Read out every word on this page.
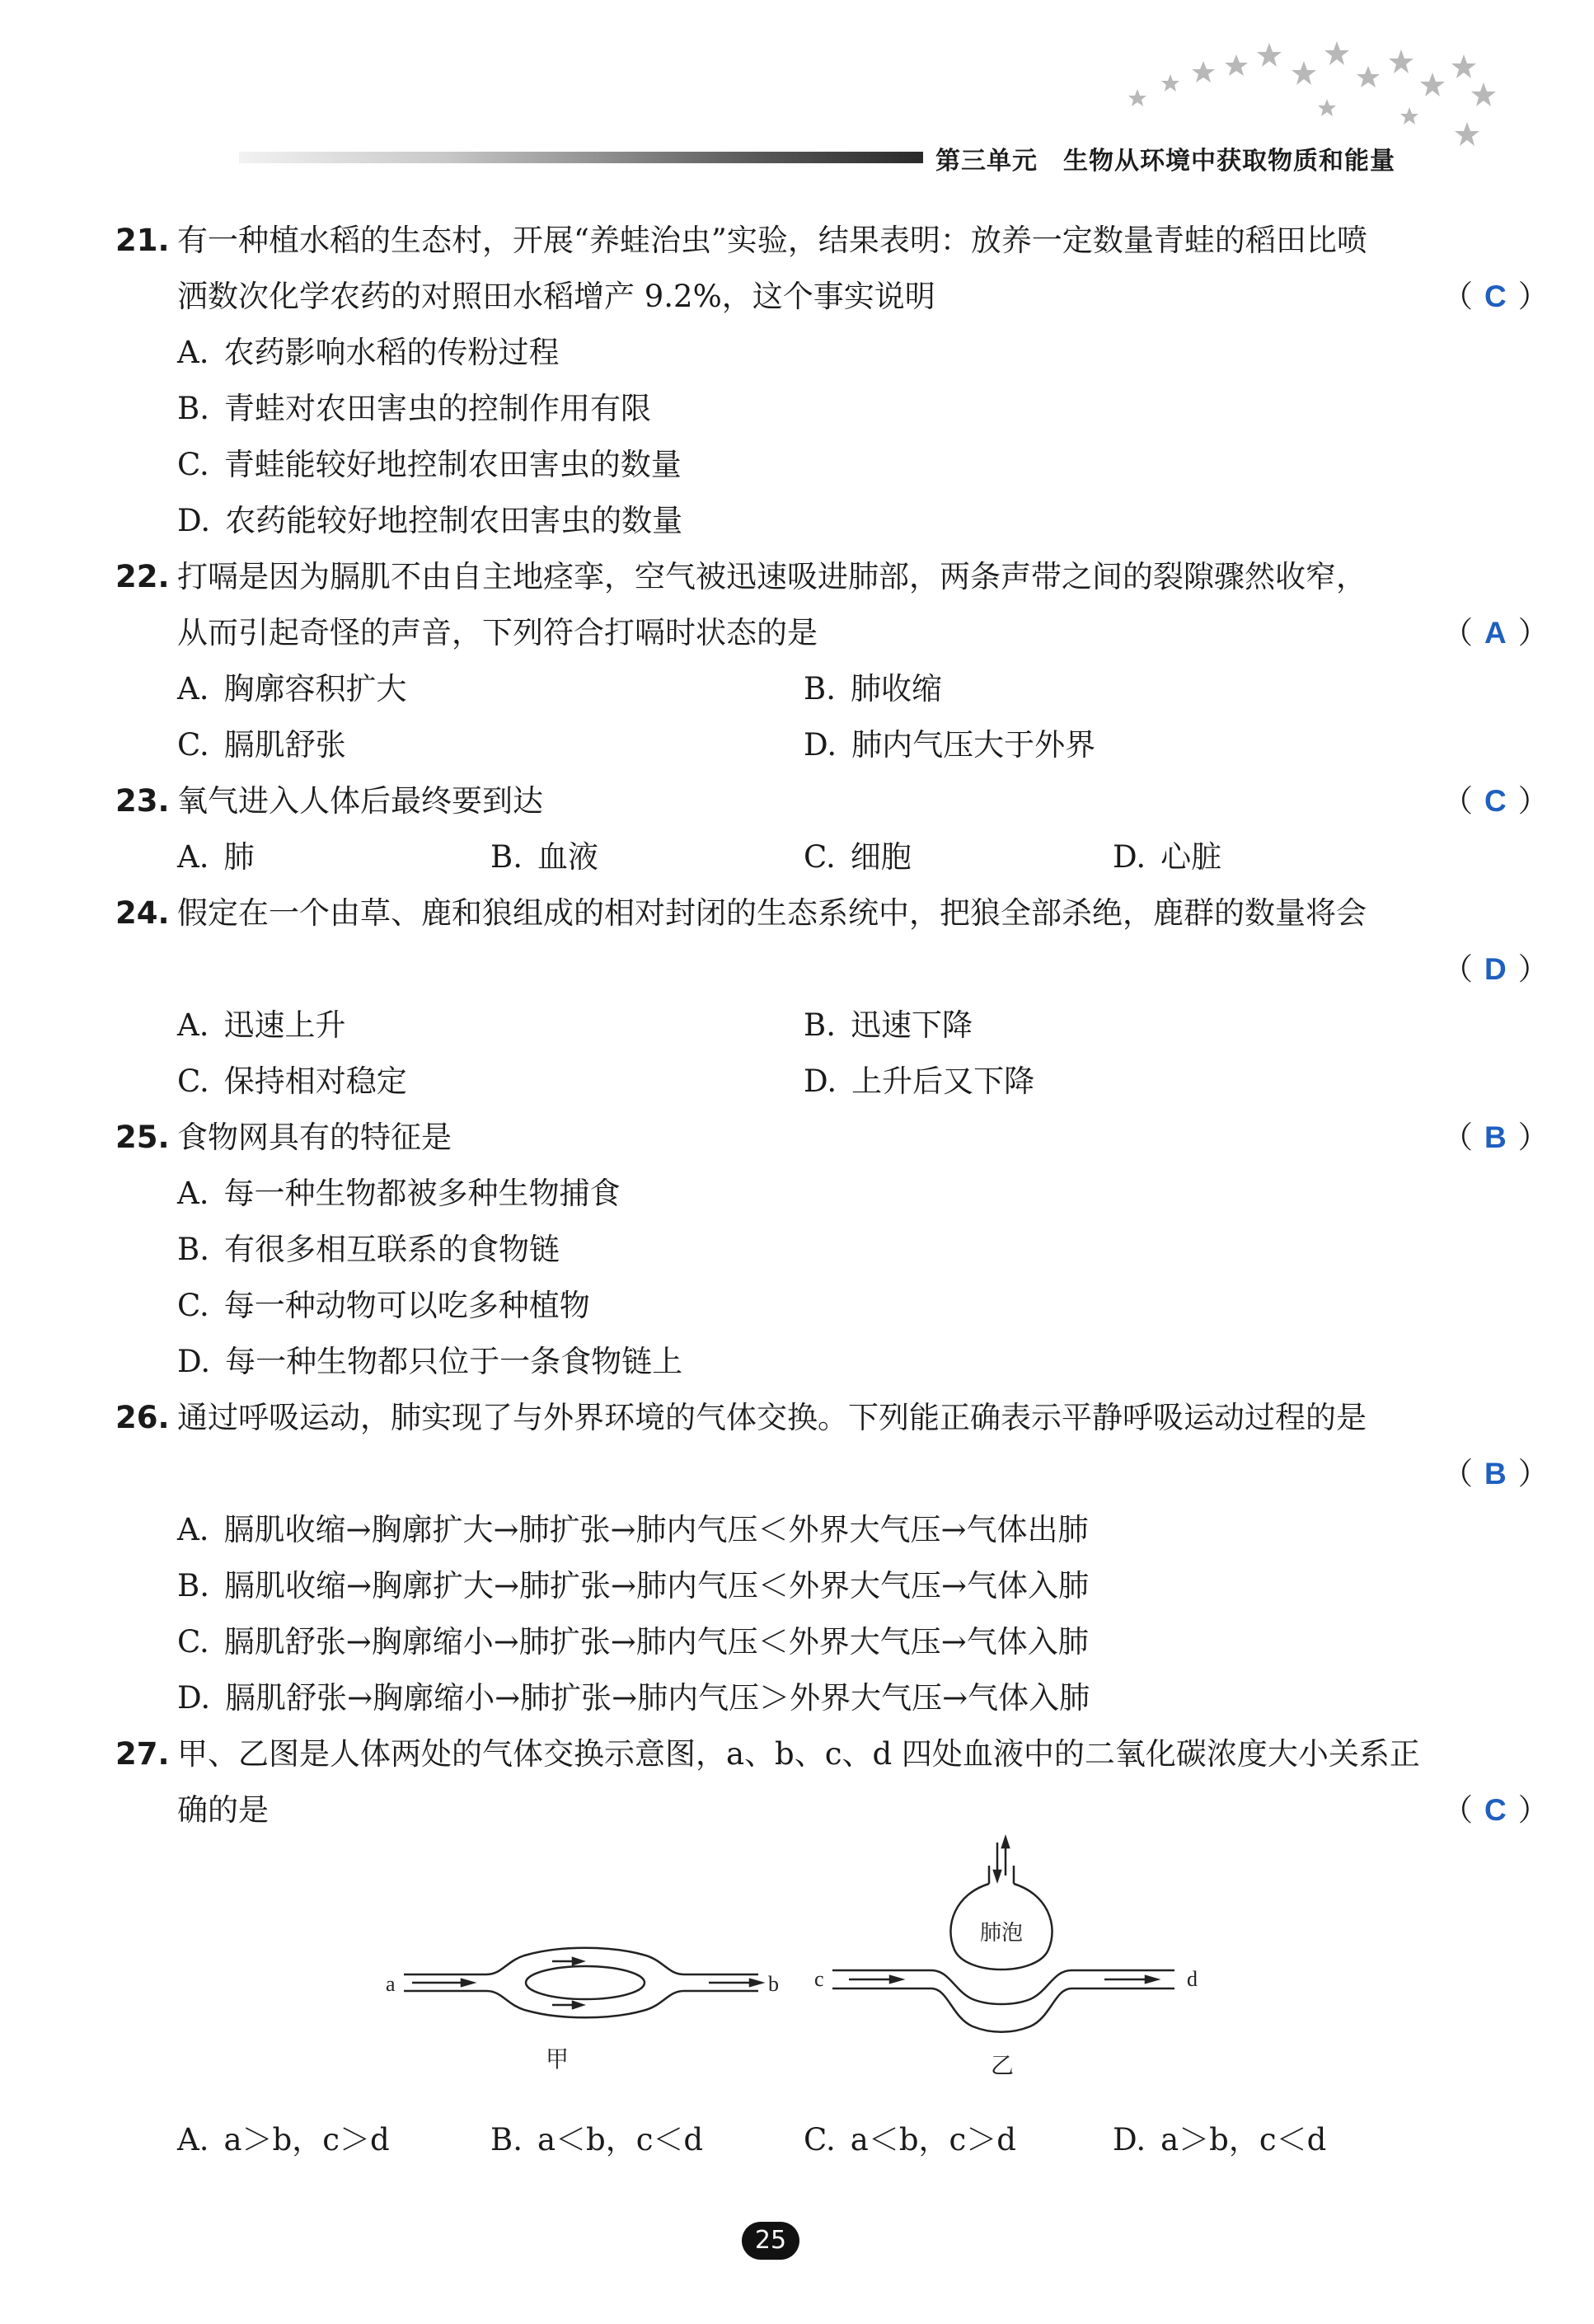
第三单元　生物从环境中获取物质和能量
21. 有一种植水稻的生态村，开展“养蛙治虫”实验，结果表明：放养一定数量青蛙的稻田比喷
洒数次化学农药的对照田水稻增产 9.2%，这个事实说明	（ C ）
A. 农药影响水稻的传粉过程
B. 青蛙对农田害虫的控制作用有限
C. 青蛙能较好地控制农田害虫的数量
D. 农药能较好地控制农田害虫的数量
22. 打嗝是因为膈肌不由自主地痉挛，空气被迅速吸进肺部，两条声带之间的裂隙骤然收窄，
从而引起奇怪的声音，下列符合打嗝时状态的是	（ A ）
A. 胸廓容积扩大	B. 肺收缩
C. 膈肌舒张	D. 肺内气压大于外界
23. 氧气进入人体后最终要到达	（ C ）
A. 肺	B. 血液	C. 细胞	D. 心脏
24. 假定在一个由草、鹿和狼组成的相对封闭的生态系统中，把狼全部杀绝，鹿群的数量将会
（ D ）
A. 迅速上升	B. 迅速下降
C. 保持相对稳定	D. 上升后又下降
25. 食物网具有的特征是	（ B ）
A. 每一种生物都被多种生物捕食
B. 有很多相互联系的食物链
C. 每一种动物可以吃多种植物
D. 每一种生物都只位于一条食物链上
26. 通过呼吸运动，肺实现了与外界环境的气体交换。下列能正确表示平静呼吸运动过程的是
（ B ）
A. 膈肌收缩→胸廓扩大→肺扩张→肺内气压＜外界大气压→气体出肺
B. 膈肌收缩→胸廓扩大→肺扩张→肺内气压＜外界大气压→气体入肺
C. 膈肌舒张→胸廓缩小→肺扩张→肺内气压＜外界大气压→气体入肺
D. 膈肌舒张→胸廓缩小→肺扩张→肺内气压＞外界大气压→气体入肺
27. 甲、乙图是人体两处的气体交换示意图，a、b、c、d 四处血液中的二氧化碳浓度大小关系正
确的是	（ C ）
a	b
甲
肺泡
c	d
乙
A. a＞b，c＞d	B. a＜b，c＜d	C. a＜b，c＞d	D. a＞b，c＜d
25
